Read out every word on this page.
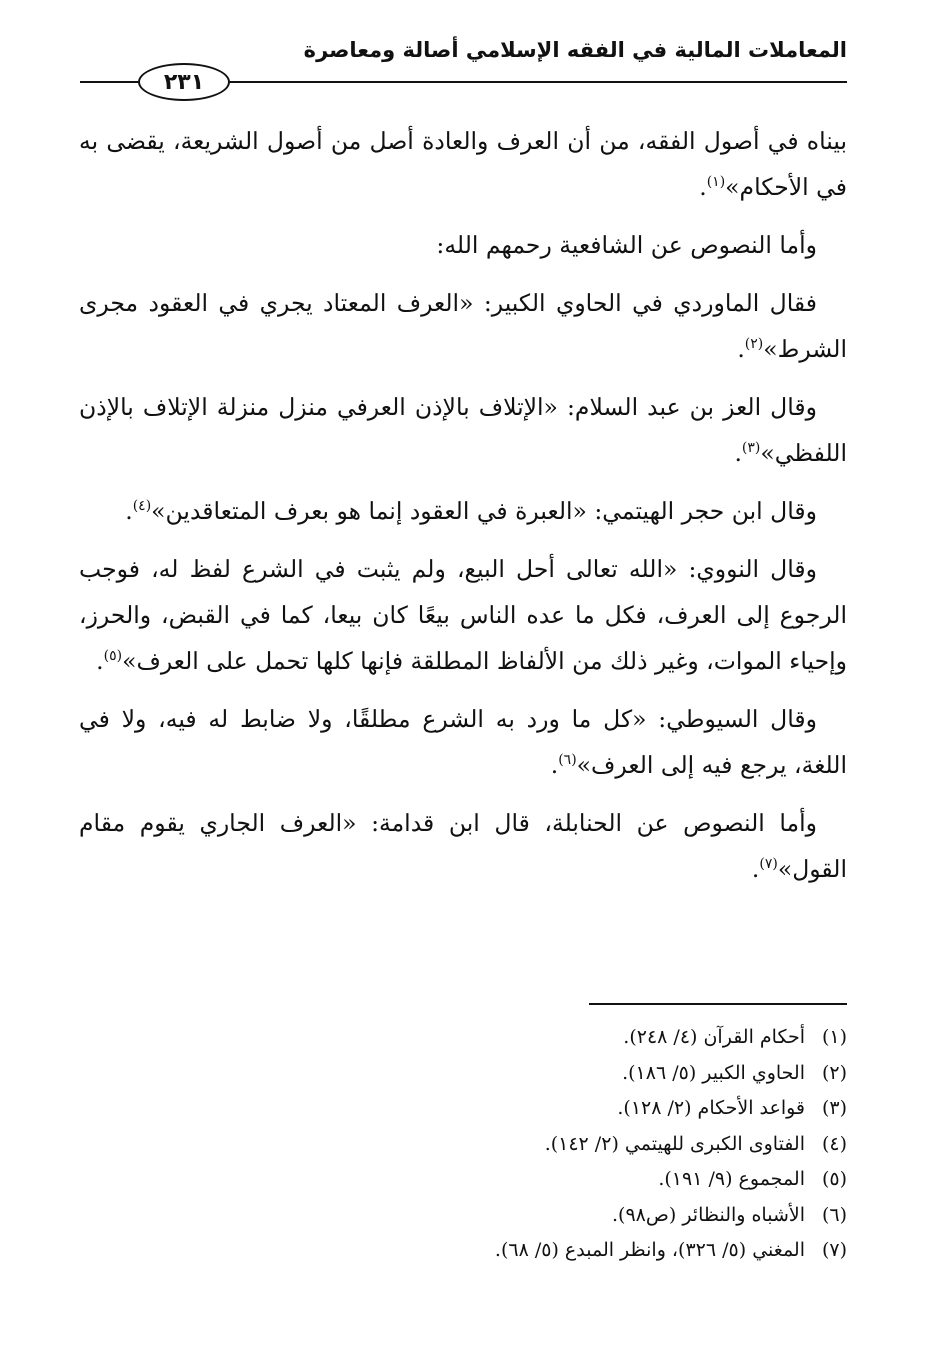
المعاملات المالية في الفقه الإسلامي أصالة ومعاصرة
٢٣١

بيناه في أصول الفقه، من أن العرف والعادة أصل من أصول الشريعة، يقضى به في الأحكام»$^{(١)}$.

وأما النصوص عن الشافعية رحمهم الله:

فقال الماوردي في الحاوي الكبير: «العرف المعتاد يجري في العقود مجرى الشرط»$^{(٢)}$.

وقال العز بن عبد السلام: «الإتلاف بالإذن العرفي منزل منزلة الإتلاف بالإذن اللفظي»$^{(٣)}$.

وقال ابن حجر الهيتمي: «العبرة في العقود إنما هو بعرف المتعاقدين»$^{(٤)}$.

وقال النووي: «الله تعالى أحل البيع، ولم يثبت في الشرع لفظ له، فوجب الرجوع إلى العرف، فكل ما عده الناس بيعًا كان بيعا، كما في القبض، والحرز، وإحياء الموات، وغير ذلك من الألفاظ المطلقة فإنها كلها تحمل على العرف»$^{(٥)}$.

وقال السيوطي: «كل ما ورد به الشرع مطلقًا، ولا ضابط له فيه، ولا في اللغة، يرجع فيه إلى العرف»$^{(٦)}$.

وأما النصوص عن الحنابلة، قال ابن قدامة: «العرف الجاري يقوم مقام القول»$^{(٧)}$.

(١)
أحكام القرآن (٤/ ٢٤٨).
(٢)
الحاوي الكبير (٥/ ١٨٦).
(٣)
قواعد الأحكام (٢/ ١٢٨).
(٤)
الفتاوى الكبرى للهيتمي (٢/ ١٤٢).
(٥)
المجموع (٩/ ١٩١).
(٦)
الأشباه والنظائر (ص٩٨).
(٧)
المغني (٥/ ٣٢٦)، وانظر المبدع (٥/ ٦٨).
